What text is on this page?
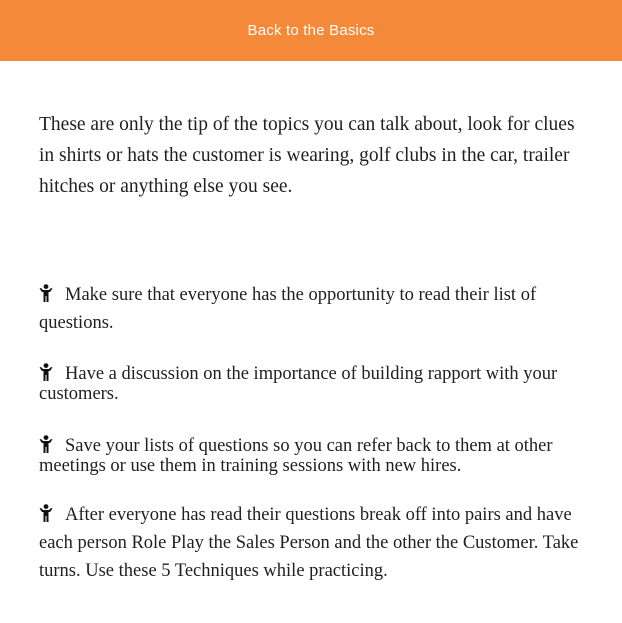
Back to the Basics

These are only the tip of the topics you can talk about, look for clues in shirts or hats the customer is wearing, golf clubs in the car, trailer hitches or anything else you see.

Make sure that everyone has the opportunity to read their list of questions.

Have a discussion on the importance of building rapport with your customers.

Save your lists of questions so you can refer back to them at other meetings or use them in training sessions with new hires.

After everyone has read their questions break off into pairs and have each person Role Play the Sales Person and the other the Customer. Take turns. Use these 5 Techniques while practicing.
